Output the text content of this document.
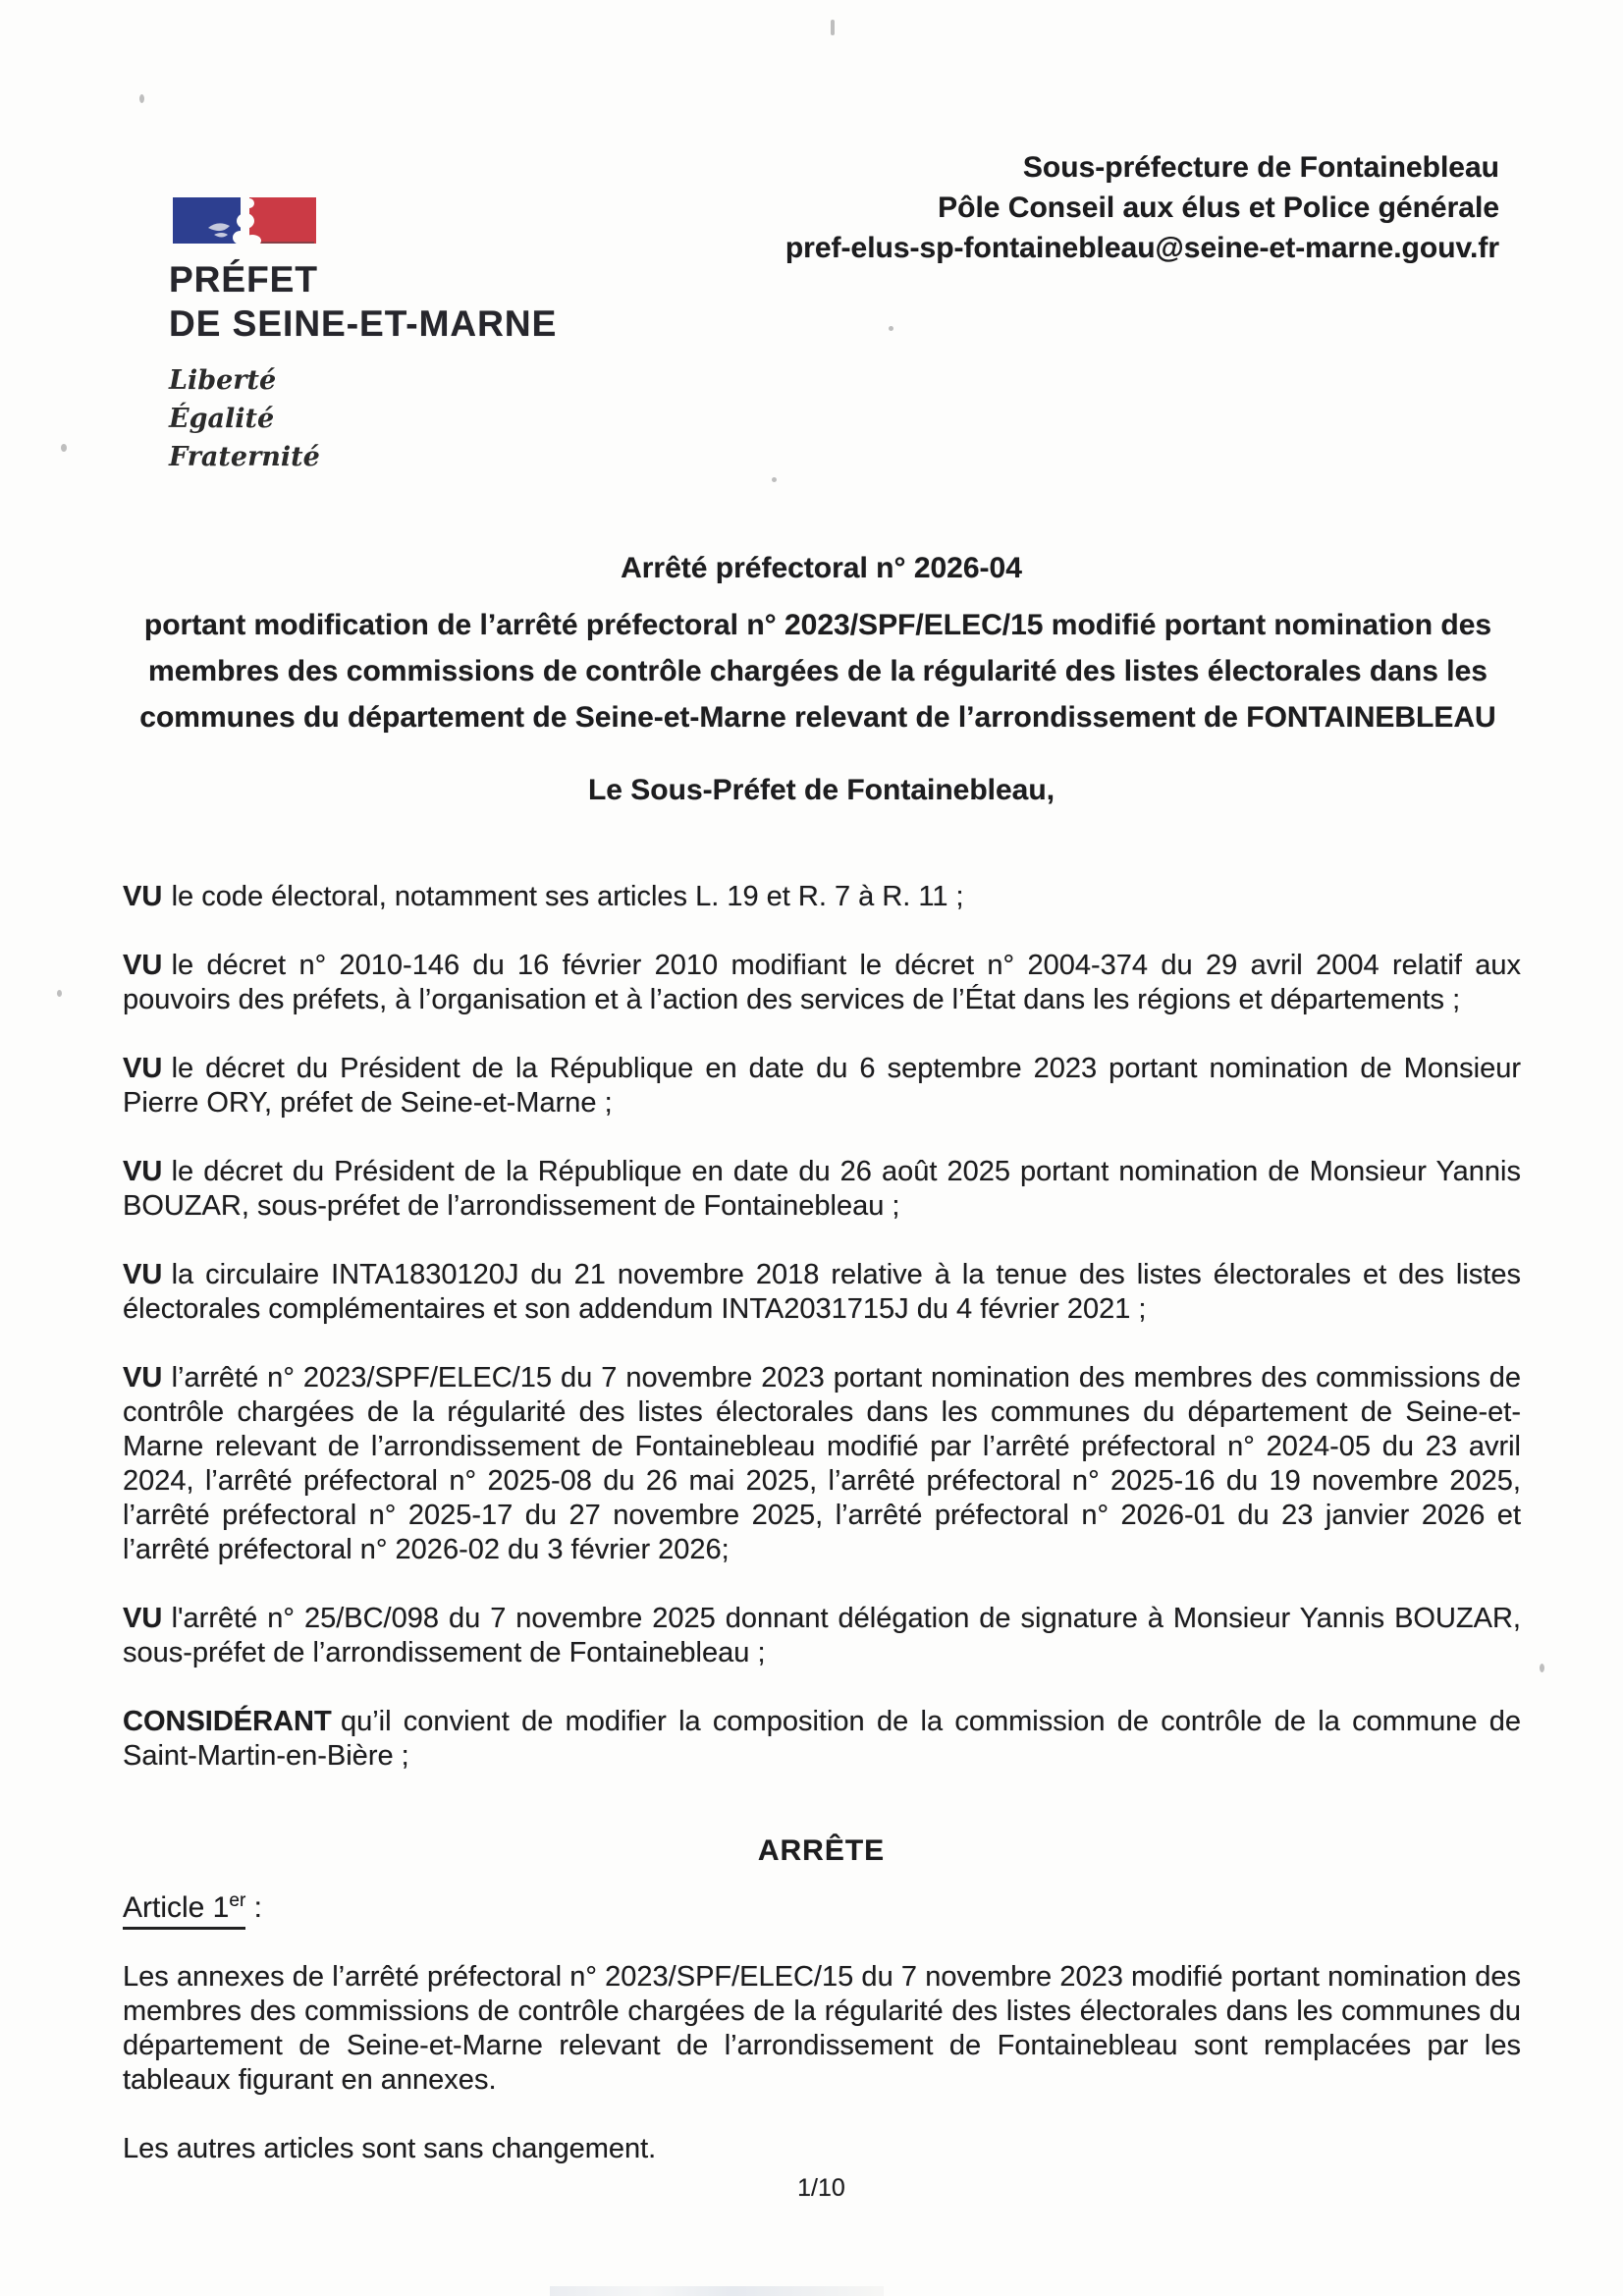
PRÉFET
DE SEINE-ET-MARNE
Liberté
Égalité
Fraternité
Sous-préfecture de Fontainebleau
Pôle Conseil aux élus et Police générale
pref-elus-sp-fontainebleau@seine-et-marne.gouv.fr
Arrêté préfectoral n° 2026-04
portant modification de l’arrêté préfectoral n° 2023/SPF/ELEC/15 modifié portant nomination des membres des commissions de contrôle chargées de la régularité des listes électorales dans les communes du département de Seine-et-Marne relevant de l’arrondissement de FONTAINEBLEAU
Le Sous-Préfet de Fontainebleau,

VU le code électoral, notamment ses articles L. 19 et R. 7 à R. 11 ;

VU le décret n° 2010-146 du 16 février 2010 modifiant le décret n° 2004-374 du 29 avril 2004 relatif aux pouvoirs des préfets, à l’organisation et à l’action des services de l’État dans les régions et départements ;

VU le décret du Président de la République en date du 6 septembre 2023 portant nomination de Monsieur Pierre ORY, préfet de Seine-et-Marne ;

VU le décret du Président de la République en date du 26 août 2025 portant nomination de Monsieur Yannis BOUZAR, sous-préfet de l’arrondissement de Fontainebleau ;

VU la circulaire INTA1830120J du 21 novembre 2018 relative à la tenue des listes électorales et des listes électorales complémentaires et son addendum INTA2031715J du 4 février 2021 ;

VU l’arrêté n° 2023/SPF/ELEC/15 du 7 novembre 2023 portant nomination des membres des commissions de contrôle chargées de la régularité des listes électorales dans les communes du département de Seine-et-Marne relevant de l’arrondissement de Fontainebleau modifié par l’arrêté préfectoral n° 2024-05 du 23 avril 2024, l’arrêté préfectoral n° 2025-08 du 26 mai 2025, l’arrêté préfectoral n° 2025-16 du 19 novembre 2025, l’arrêté préfectoral n° 2025-17 du 27 novembre 2025, l’arrêté préfectoral n° 2026-01 du 23 janvier 2026 et l’arrêté préfectoral n° 2026-02 du 3 février 2026;

VU l'arrêté n° 25/BC/098 du 7 novembre 2025 donnant délégation de signature à Monsieur Yannis BOUZAR, sous-préfet de l’arrondissement de Fontainebleau ;

CONSIDÉRANT qu’il convient de modifier la composition de la commission de contrôle de la commune de Saint-Martin-en-Bière ;

ARRÊTE
Article 1er :

Les annexes de l’arrêté préfectoral n° 2023/SPF/ELEC/15 du 7 novembre 2023 modifié portant nomination des membres des commissions de contrôle chargées de la régularité des listes électorales dans les communes du département de Seine-et-Marne relevant de l’arrondissement de Fontainebleau sont remplacées par les tableaux figurant en annexes.

Les autres articles sont sans changement.

1/10
